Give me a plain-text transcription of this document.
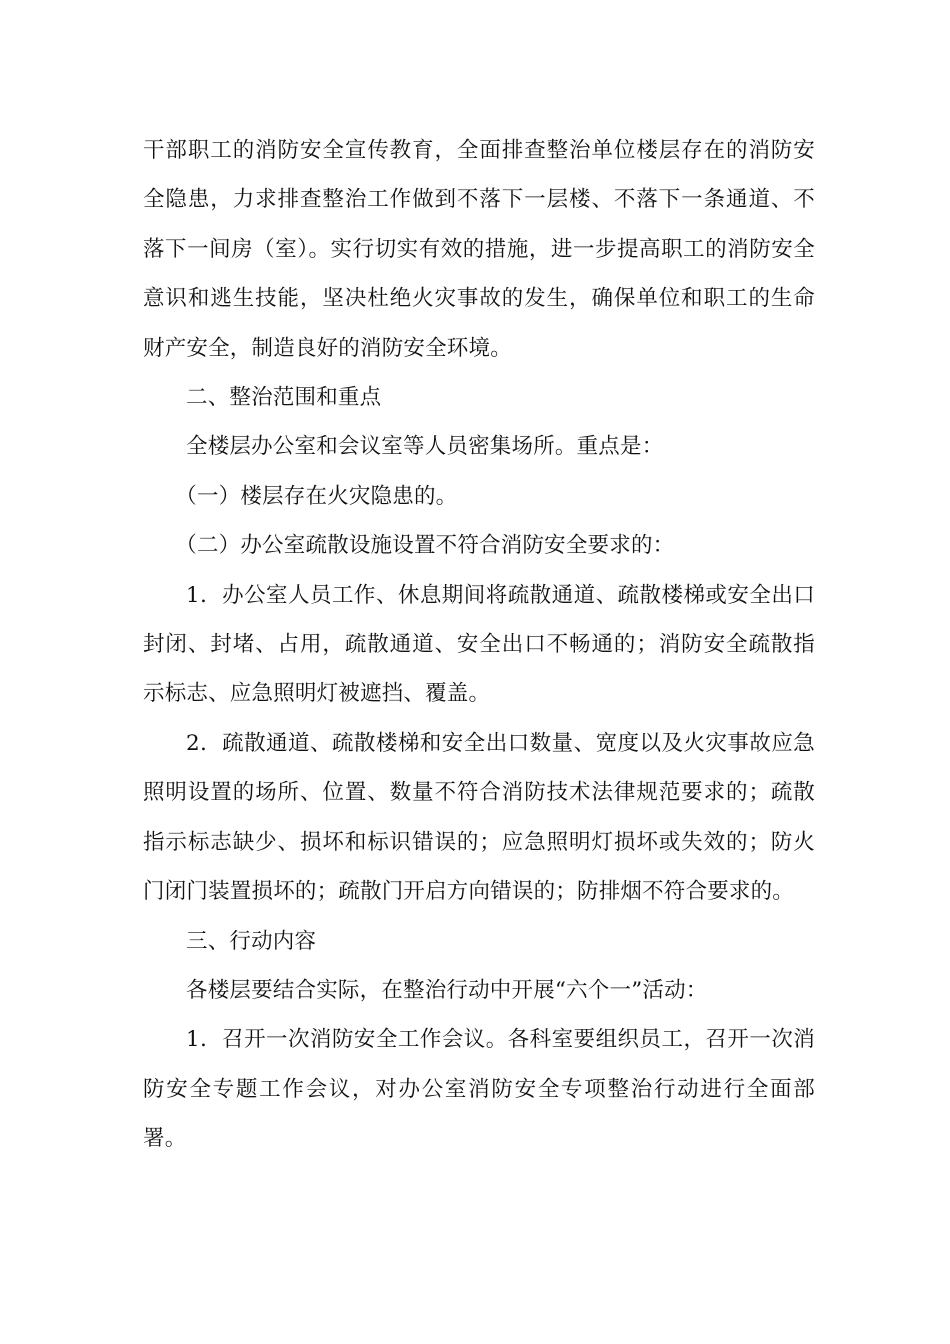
干部职工的消防安全宣传教育，全面排查整治单位楼层存在的消防安全隐患，力求排查整治工作做到不落下一层楼、不落下一条通道、不落下一间房（室）。实行切实有效的措施，进一步提高职工的消防安全意识和逃生技能，坚决杜绝火灾事故的发生，确保单位和职工的生命财产安全，制造良好的消防安全环境。

二、整治范围和重点

全楼层办公室和会议室等人员密集场所。重点是：

（一）楼层存在火灾隐患的。

（二）办公室疏散设施设置不符合消防安全要求的：

1．办公室人员工作、休息期间将疏散通道、疏散楼梯或安全出口封闭、封堵、占用，疏散通道、安全出口不畅通的；消防安全疏散指示标志、应急照明灯被遮挡、覆盖。

2．疏散通道、疏散楼梯和安全出口数量、宽度以及火灾事故应急照明设置的场所、位置、数量不符合消防技术法律规范要求的；疏散指示标志缺少、损坏和标识错误的；应急照明灯损坏或失效的；防火门闭门装置损坏的；疏散门开启方向错误的；防排烟不符合要求的。

三、行动内容

各楼层要结合实际，在整治行动中开展“六个一”活动：

1．召开一次消防安全工作会议。各科室要组织员工，召开一次消防安全专题工作会议，对办公室消防安全专项整治行动进行全面部署。
